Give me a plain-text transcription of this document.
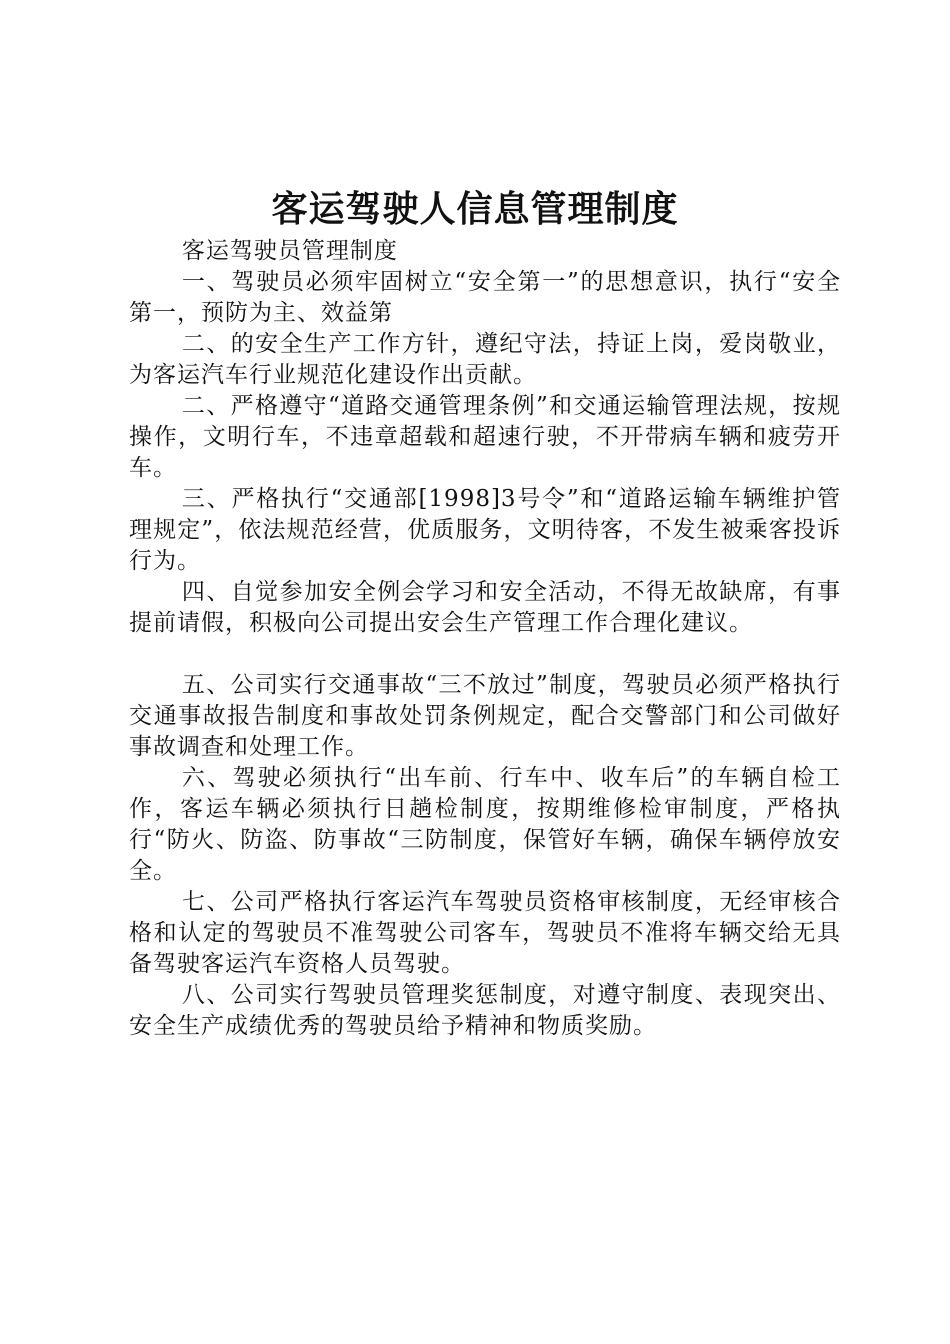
客运驾驶人信息管理制度

客运驾驶员管理制度

一、驾驶员必须牢固树立“安全第一”的思想意识，执行“安全第一，预防为主、效益第

二、的安全生产工作方针，遵纪守法，持证上岗，爱岗敬业，为客运汽车行业规范化建设作出贡献。

二、严格遵守“道路交通管理条例”和交通运输管理法规，按规操作，文明行车，不违章超载和超速行驶，不开带病车辆和疲劳开车。

三、严格执行“交通部[1998]3号令”和“道路运输车辆维护管理规定”，依法规范经营，优质服务，文明待客，不发生被乘客投诉行为。

四、自觉参加安全例会学习和安全活动，不得无故缺席，有事提前请假，积极向公司提出安会生产管理工作合理化建议。

五、公司实行交通事故“三不放过”制度，驾驶员必须严格执行交通事故报告制度和事故处罚条例规定，配合交警部门和公司做好事故调查和处理工作。

六、驾驶必须执行“出车前、行车中、收车后”的车辆自检工作，客运车辆必须执行日趟检制度，按期维修检审制度，严格执行“防火、防盗、防事故“三防制度，保管好车辆，确保车辆停放安全。

七、公司严格执行客运汽车驾驶员资格审核制度，无经审核合格和认定的驾驶员不准驾驶公司客车，驾驶员不准将车辆交给无具备驾驶客运汽车资格人员驾驶。

八、公司实行驾驶员管理奖惩制度，对遵守制度、表现突出、安全生产成绩优秀的驾驶员给予精神和物质奖励。
